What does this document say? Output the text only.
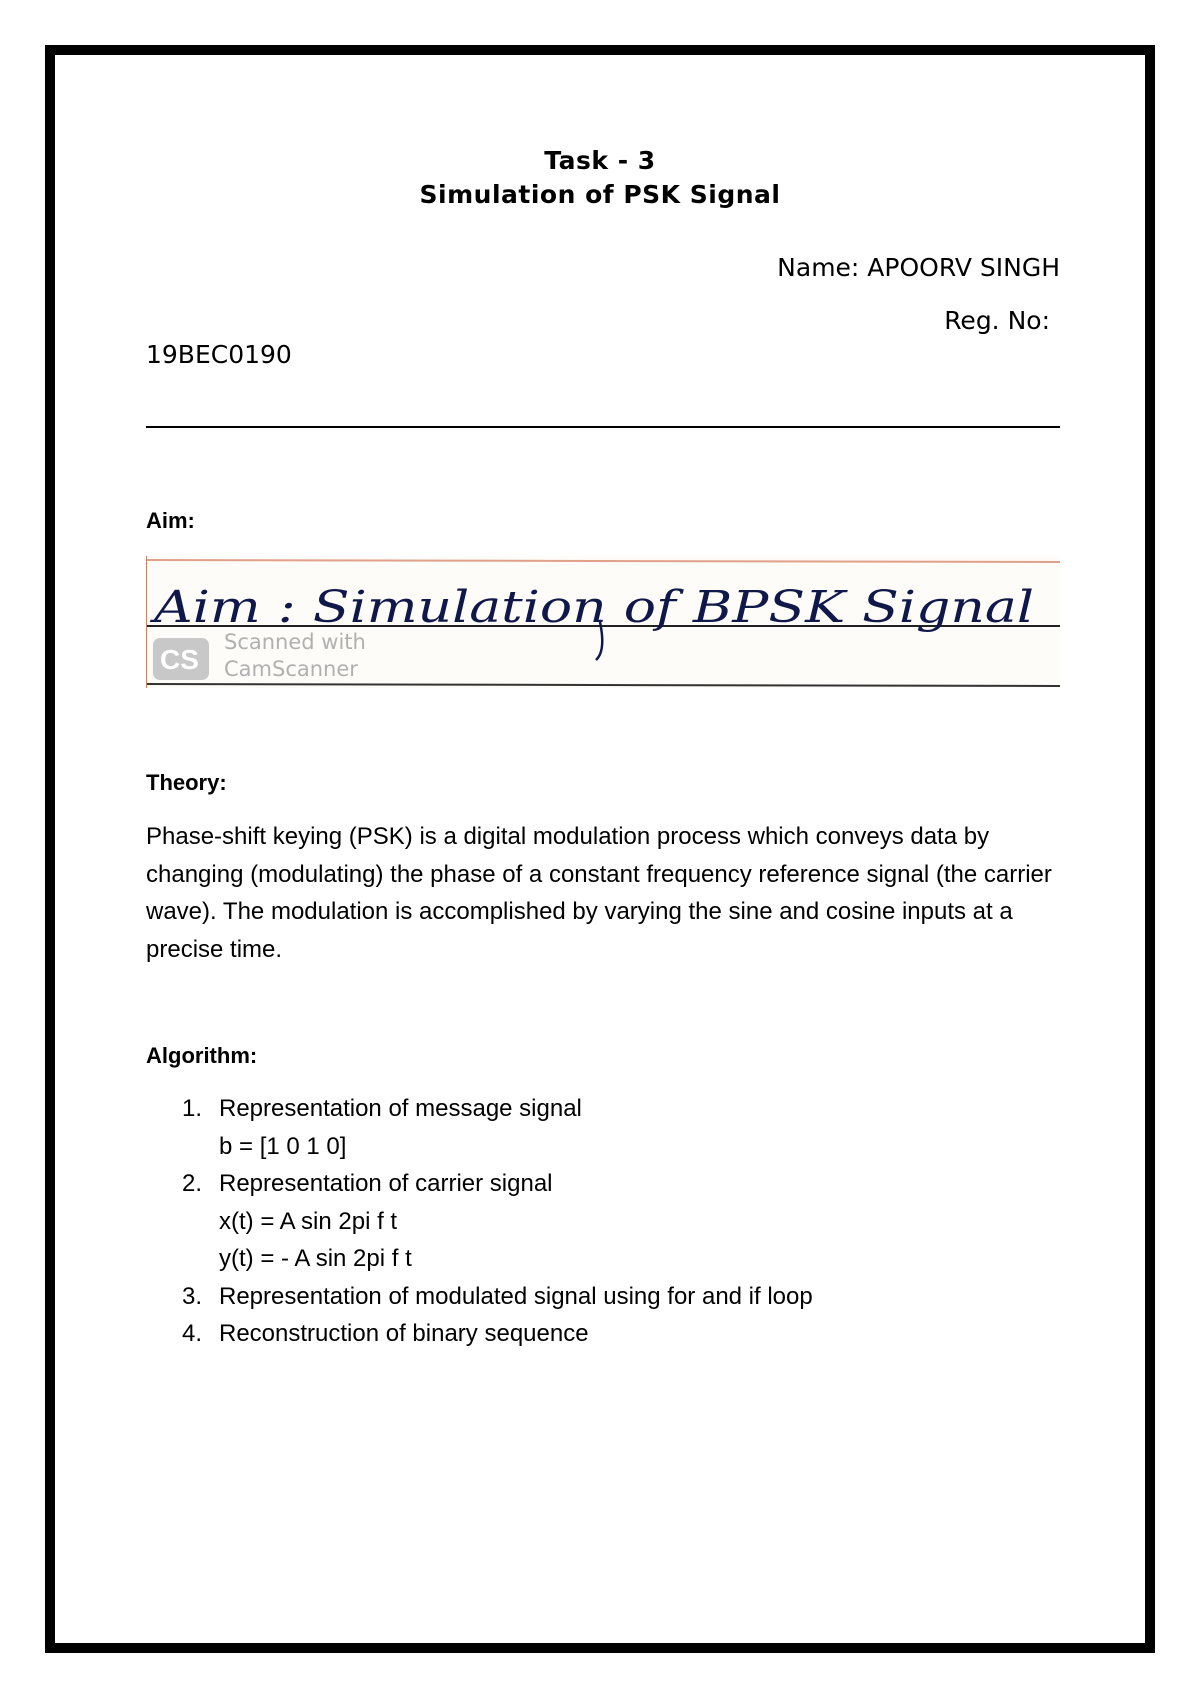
Task - 3
Simulation of PSK Signal
Name: APOORV SINGH
Reg. No:
19BEC0190
Aim:
CS
Scanned with
CamScanner
Aim : Simulation of BPSK Signal
Theory:
Phase-shift keying (PSK) is a digital modulation process which conveys data by changing (modulating) the phase of a constant frequency reference signal (the carrier wave). The modulation is accomplished by varying the sine and cosine inputs at a precise time.
Algorithm:
1. Representation of message signal
b = [1 0 1 0]
2. Representation of carrier signal
x(t) = A sin 2pi f t
y(t) = - A sin 2pi f t
3. Representation of modulated signal using for and if loop
4. Reconstruction of binary sequence
